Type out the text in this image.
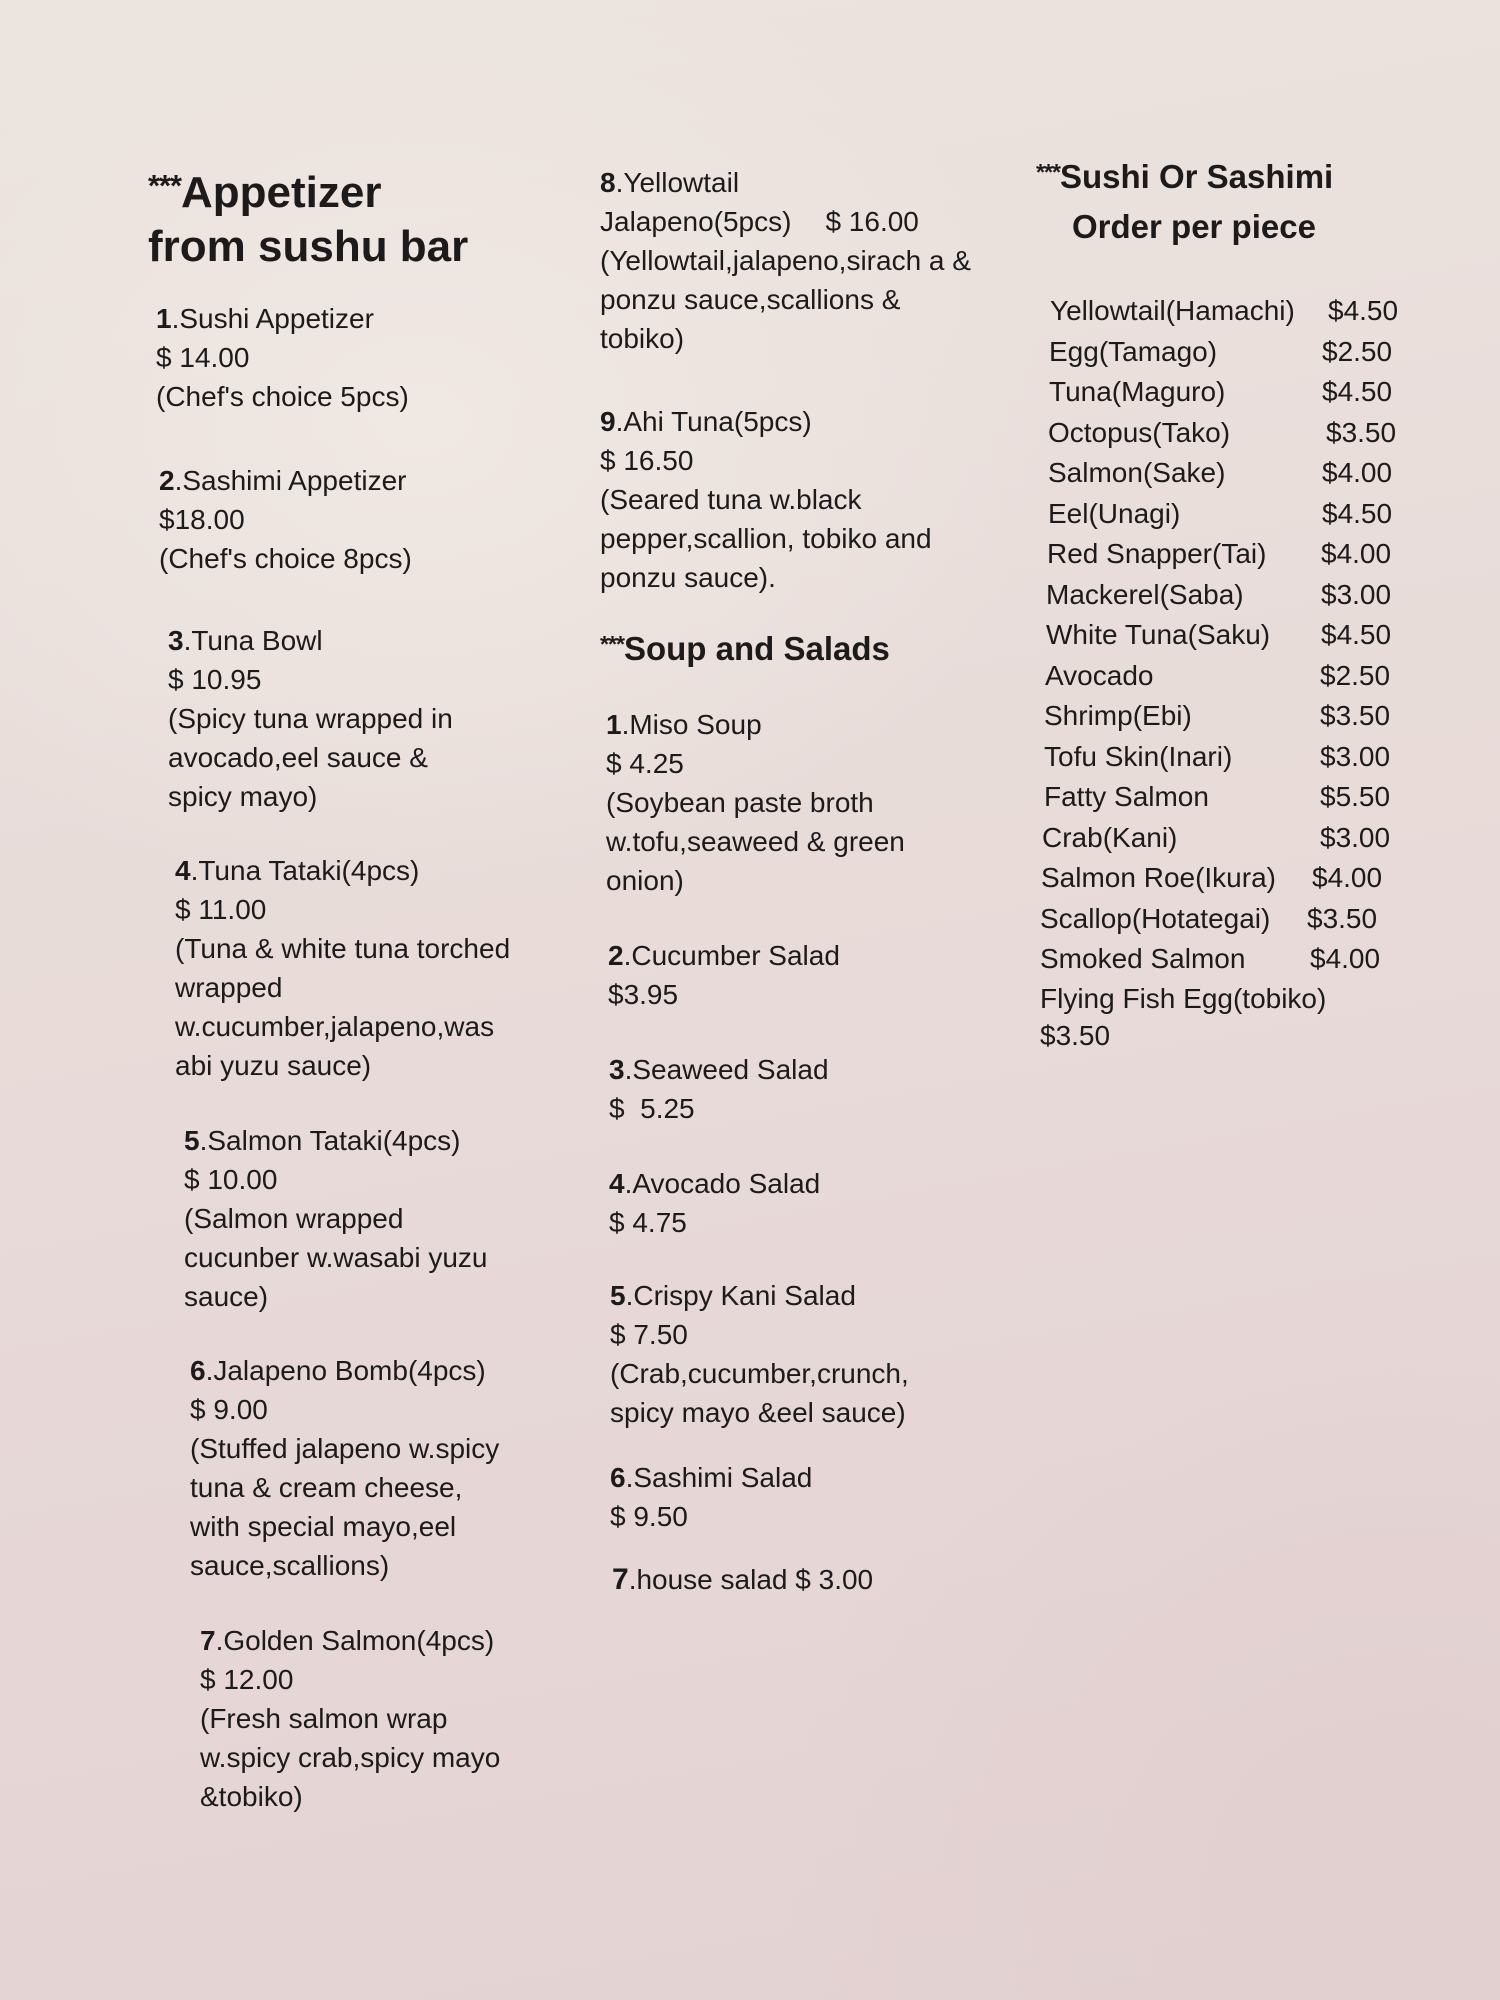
***Appetizer
from sushu bar
1.Sushi Appetizer
$ 14.00
(Chef's choice 5pcs)
2.Sashimi Appetizer
$18.00
(Chef's choice 8pcs)
3.Tuna Bowl
$ 10.95
(Spicy tuna wrapped in avocado,eel sauce & spicy mayo)
4.Tuna Tataki(4pcs)
$ 11.00
(Tuna & white tuna torched wrapped w.cucumber,jalapeno,was abi yuzu sauce)
5.Salmon Tataki(4pcs)
$ 10.00
(Salmon wrapped cucunber w.wasabi yuzu sauce)
6.Jalapeno Bomb(4pcs)
$ 9.00
(Stuffed jalapeno w.spicy tuna & cream cheese, with special mayo,eel sauce,scallions)
7.Golden Salmon(4pcs)
$ 12.00
(Fresh salmon wrap w.spicy crab,spicy mayo &tobiko)
8.Yellowtail
Jalapeno(5pcs) $ 16.00
(Yellowtail,jalapeno,sirach a & ponzu sauce,scallions & tobiko)
9.Ahi Tuna(5pcs)
$ 16.50
(Seared tuna w.black pepper,scallion, tobiko and ponzu sauce).
***Soup and Salads
1.Miso Soup
$ 4.25
(Soybean paste broth w.tofu,seaweed & green onion)
2.Cucumber Salad
$3.95
3.Seaweed Salad
$  5.25
4.Avocado Salad
$ 4.75
5.Crispy Kani Salad
$ 7.50
(Crab,cucumber,crunch, spicy mayo &eel sauce)
6.Sashimi Salad
$ 9.50
7.house salad $ 3.00
***Sushi Or Sashimi
Order per piece
Yellowtail(Hamachi) $4.50
Egg(Tamago)	$2.50
Tuna(Maguro)	$4.50
Octopus(Tako)	$3.50
Salmon(Sake)	$4.00
Eel(Unagi)	$4.50
Red Snapper(Tai) $4.00
Mackerel(Saba)	$3.00
White Tuna(Saku) $4.50
Avocado	$2.50
Shrimp(Ebi)	$3.50
Tofu Skin(Inari)	$3.00
Fatty Salmon	$5.50
Crab(Kani)	$3.00
Salmon Roe(Ikura) $4.00
Scallop(Hotategai) $3.50
Smoked Salmon $4.00
Flying Fish Egg(tobiko)
$3.50
